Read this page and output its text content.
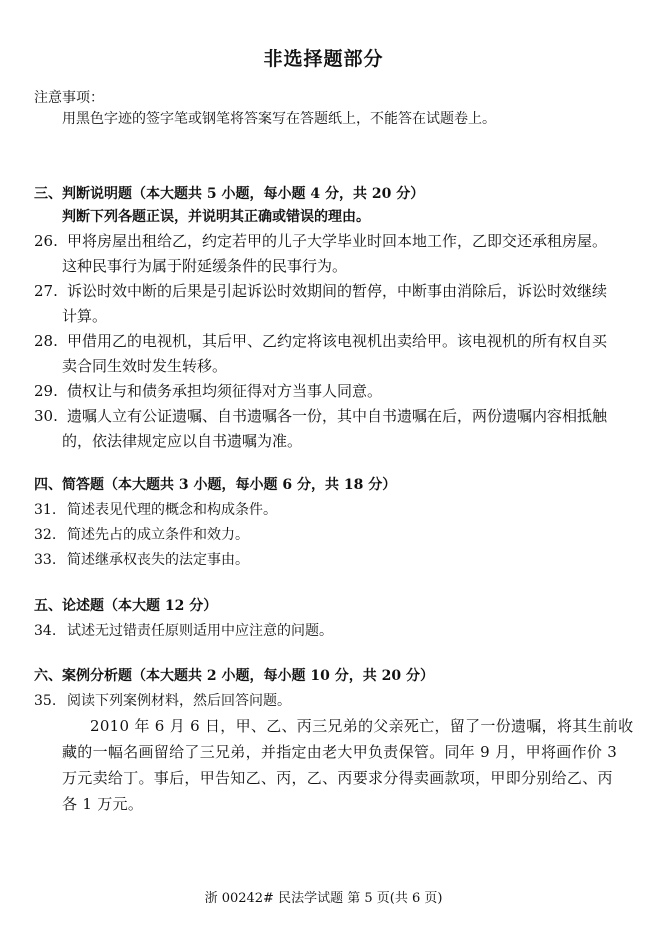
非选择题部分
注意事项：
用黑色字迹的签字笔或钢笔将答案写在答题纸上，不能答在试题卷上。
三、判断说明题（本大题共 5 小题，每小题 4 分，共 20 分）
判断下列各题正误，并说明其正确或错误的理由。
26. 甲将房屋出租给乙，约定若甲的儿子大学毕业时回本地工作，乙即交还承租房屋。
这种民事行为属于附延缓条件的民事行为。
27. 诉讼时效中断的后果是引起诉讼时效期间的暂停，中断事由消除后，诉讼时效继续
计算。
28. 甲借用乙的电视机，其后甲、乙约定将该电视机出卖给甲。该电视机的所有权自买
卖合同生效时发生转移。
29. 债权让与和债务承担均须征得对方当事人同意。
30. 遗嘱人立有公证遗嘱、自书遗嘱各一份，其中自书遗嘱在后，两份遗嘱内容相抵触
的，依法律规定应以自书遗嘱为准。
四、简答题（本大题共 3 小题，每小题 6 分，共 18 分）
31. 简述表见代理的概念和构成条件。
32. 简述先占的成立条件和效力。
33. 简述继承权丧失的法定事由。
五、论述题（本大题 12 分）
34. 试述无过错责任原则适用中应注意的问题。
六、案例分析题（本大题共 2 小题，每小题 10 分，共 20 分）
35. 阅读下列案例材料，然后回答问题。
2010 年 6 月 6 日，甲、乙、丙三兄弟的父亲死亡，留了一份遗嘱，将其生前收
藏的一幅名画留给了三兄弟，并指定由老大甲负责保管。同年 9 月，甲将画作价 3
万元卖给丁。事后，甲告知乙、丙，乙、丙要求分得卖画款项，甲即分别给乙、丙
各 1 万元。
浙 00242# 民法学试题 第 5 页(共 6 页)
